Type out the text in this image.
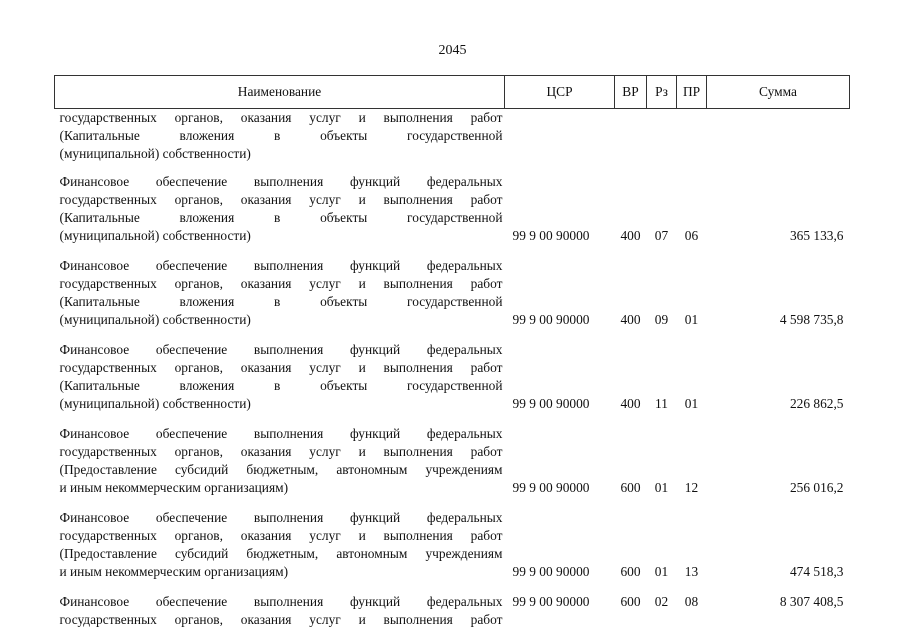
2045
Наименование	ЦСР	ВР	Рз	ПР	Сумма

государственных органов, оказания услуг и выполнения работ
(Капитальные вложения в объекты государственной
(муниципальной) собственности)					

Финансовое обеспечение выполнения функций федеральных
государственных органов, оказания услуг и выполнения работ
(Капитальные вложения в объекты государственной
(муниципальной) собственности)	99 9 00 90000	400	07	06	365 133,6

Финансовое обеспечение выполнения функций федеральных
государственных органов, оказания услуг и выполнения работ
(Капитальные вложения в объекты государственной
(муниципальной) собственности)	99 9 00 90000	400	09	01	4 598 735,8

Финансовое обеспечение выполнения функций федеральных
государственных органов, оказания услуг и выполнения работ
(Капитальные вложения в объекты государственной
(муниципальной) собственности)	99 9 00 90000	400	11	01	226 862,5

Финансовое обеспечение выполнения функций федеральных
государственных органов, оказания услуг и выполнения работ
(Предоставление субсидий бюджетным, автономным учреждениям
и иным некоммерческим организациям)	99 9 00 90000	600	01	12	256 016,2

Финансовое обеспечение выполнения функций федеральных
государственных органов, оказания услуг и выполнения работ
(Предоставление субсидий бюджетным, автономным учреждениям
и иным некоммерческим организациям)	99 9 00 90000	600	01	13	474 518,3

Финансовое обеспечение выполнения функций федеральных
государственных органов, оказания услуг и выполнения работ	99 9 00 90000	600	02	08	8 307 408,5
